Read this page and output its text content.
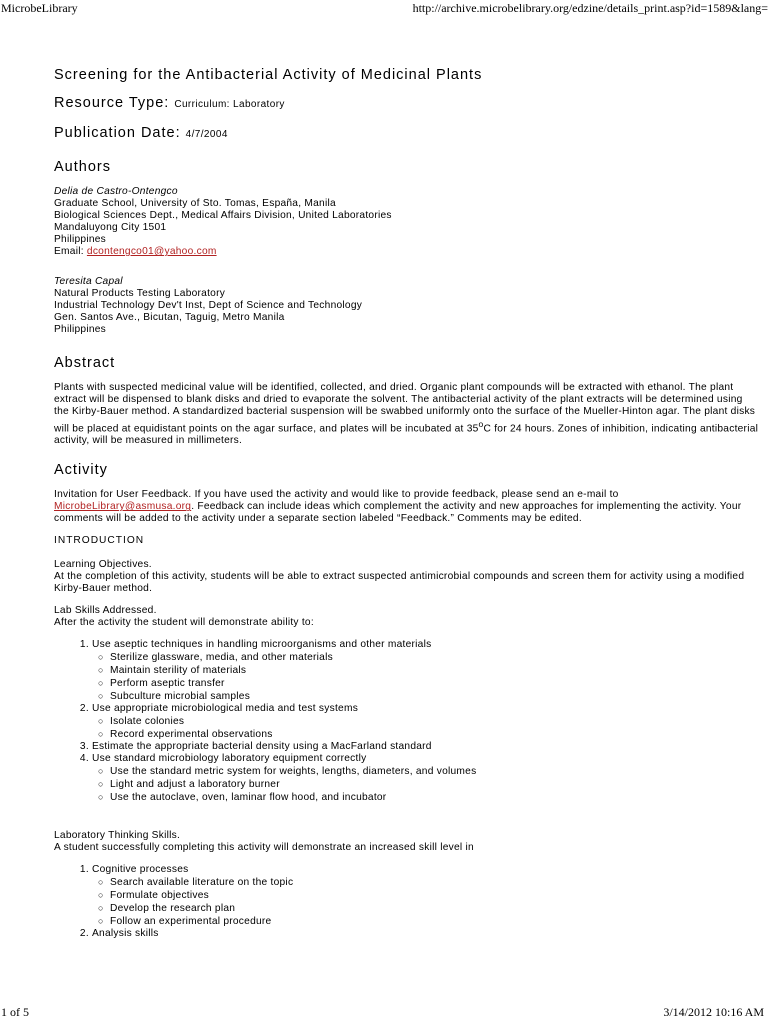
MicrobeLibrary	http://archive.microbelibrary.org/edzine/details_print.asp?id=1589&lang=
Screening for the Antibacterial Activity of Medicinal Plants
Resource Type: Curriculum: Laboratory
Publication Date: 4/7/2004
Authors
Delia de Castro-Ontengco
Graduate School, University of Sto. Tomas, España, Manila
Biological Sciences Dept., Medical Affairs Division, United Laboratories
Mandaluyong City 1501
Philippines
Email: dcontengco01@yahoo.com
Teresita Capal
Natural Products Testing Laboratory
Industrial Technology Dev't Inst, Dept of Science and Technology
Gen. Santos Ave., Bicutan, Taguig, Metro Manila
Philippines
Abstract

Plants with suspected medicinal value will be identified, collected, and dried. Organic plant compounds will be extracted with ethanol. The plant extract will be dispensed to blank disks and dried to evaporate the solvent. The antibacterial activity of the plant extracts will be determined using the Kirby-Bauer method. A standardized bacterial suspension will be swabbed uniformly onto the surface of the Mueller-Hinton agar. The plant disks will be placed at equidistant points on the agar surface, and plates will be incubated at 35$^o$C for 24 hours. Zones of inhibition, indicating antibacterial activity, will be measured in millimeters.

Activity

Invitation for User Feedback. If you have used the activity and would like to provide feedback, please send an e-mail to MicrobeLibrary@asmusa.org. Feedback can include ideas which complement the activity and new approaches for implementing the activity. Your comments will be added to the activity under a separate section labeled “Feedback.” Comments may be edited.

INTRODUCTION
Learning Objectives.

At the completion of this activity, students will be able to extract suspected antimicrobial compounds and screen them for activity using a modified Kirby-Bauer method.

Lab Skills Addressed.
After the activity the student will demonstrate ability to:
1. Use aseptic techniques in handling microorganisms and other materials
○ Sterilize glassware, media, and other materials
○ Maintain sterility of materials
○ Perform aseptic transfer
○ Subculture microbial samples
2. Use appropriate microbiological media and test systems
○ Isolate colonies
○ Record experimental observations
3. Estimate the appropriate bacterial density using a MacFarland standard
4. Use standard microbiology laboratory equipment correctly
○ Use the standard metric system for weights, lengths, diameters, and volumes
○ Light and adjust a laboratory burner
○ Use the autoclave, oven, laminar flow hood, and incubator
Laboratory Thinking Skills.
A student successfully completing this activity will demonstrate an increased skill level in
1. Cognitive processes
○ Search available literature on the topic
○ Formulate objectives
○ Develop the research plan
○ Follow an experimental procedure
2. Analysis skills
1 of 5	3/14/2012 10:16 AM
